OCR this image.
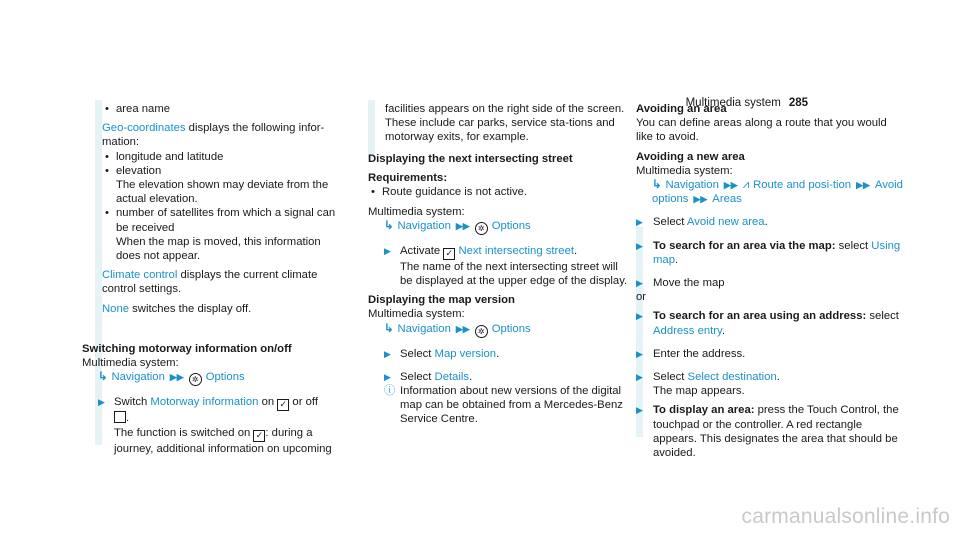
Multimedia system 285

• area name

Geo-coordinates displays the following infor-mation:

• longitude and latitude

• elevation

The elevation shown may deviate from the actual elevation.

• number of satellites from which a signal can be received

When the map is moved, this information does not appear.

Climate control displays the current climate control settings.

None switches the display off.

Switching motorway information on/off

Multimedia system:

↳ Navigation ▶▶ ✲ Options

▶ Switch Motorway information on ✓ or off

.

The function is switched on ✓ : during a journey, additional information on upcoming

facilities appears on the right side of the screen. These include car parks, service sta-tions and motorway exits, for example.

Displaying the next intersecting street

Requirements:

• Route guidance is not active.

Multimedia system:

↳ Navigation ▶▶ ✲ Options

▶ Activate ✓ Next intersecting street.

The name of the next intersecting street will be displayed at the upper edge of the display.

Displaying the map version

Multimedia system:

↳ Navigation ▶▶ ✲ Options

▶ Select Map version.

▶ Select Details.

ⓘ Information about new versions of the digital map can be obtained from a Mercedes-Benz Service Centre.

Avoiding an area

You can define areas along a route that you would like to avoid.

Avoiding a new area

Multimedia system:

↳ Navigation ▶▶ ⩘ Route and posi-tion ▶▶ Avoid options ▶▶ Areas

▶ Select Avoid new area.

▶ To search for an area via the map: select Using map.

▶ Move the map

or

▶ To search for an area using an address: select Address entry.

▶ Enter the address.

▶ Select Select destination.

The map appears.

▶ To display an area: press the Touch Control, the touchpad or the controller. A red rectangle appears. This designates the area that should be avoided.

carmanualsonline.info
